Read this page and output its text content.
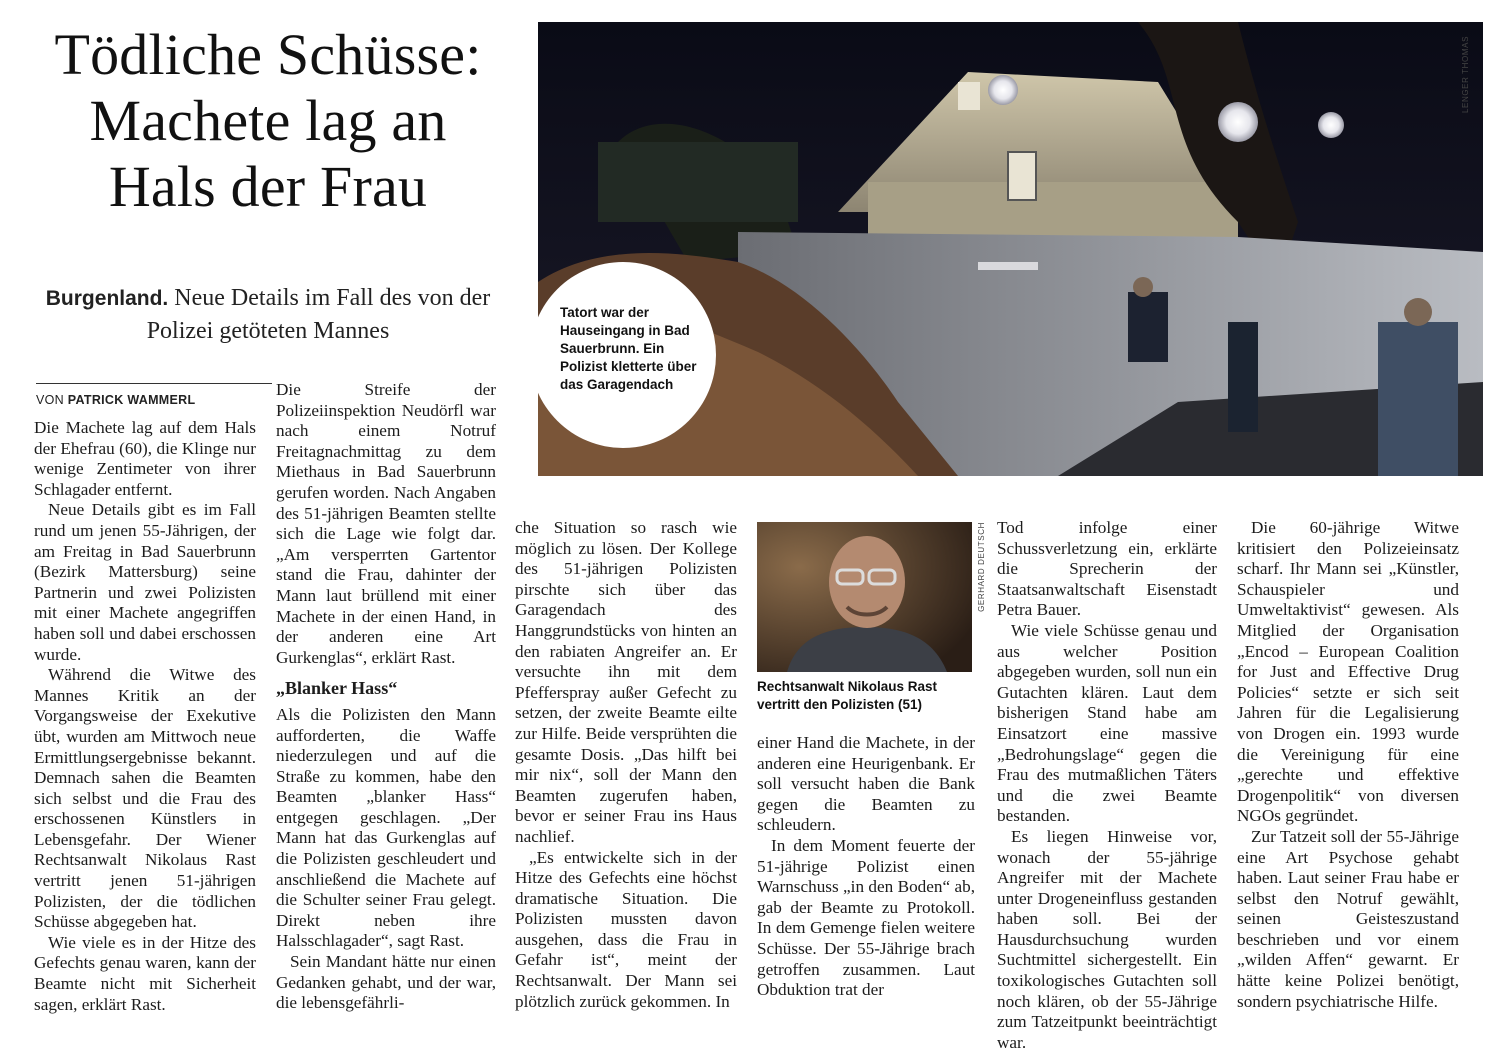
Tödliche Schüsse:
Machete lag an
Hals der Frau
Burgenland. Neue Details im Fall des von der Polizei getöteten Mannes
VON PATRICK WAMMERL
LENGER THOMAS
Tatort war der Hauseingang in Bad Sauerbrunn. Ein Polizist kletterte über das Garagendach

Die Machete lag auf dem Hals der Ehefrau (60), die Klinge nur wenige Zentimeter von ihrer Schlagader entfernt.

Neue Details gibt es im Fall rund um jenen 55-Jährigen, der am Freitag in Bad Sauerbrunn (Bezirk Mattersburg) seine Partnerin und zwei Polizisten mit einer Machete angegriffen haben soll und dabei erschossen wurde.

Während die Witwe des Mannes Kritik an der Vorgangsweise der Exekutive übt, wurden am Mittwoch neue Ermittlungsergebnisse bekannt. Demnach sahen die Beamten sich selbst und die Frau des erschossenen Künstlers in Lebensgefahr. Der Wiener Rechtsanwalt Nikolaus Rast vertritt jenen 51-jährigen Polizisten, der die tödlichen Schüsse abgegeben hat.

Wie viele es in der Hitze des Gefechts genau waren, kann der Beamte nicht mit Sicherheit sagen, erklärt Rast.

Die Streife der Polizeiinspektion Neudörfl war nach einem Notruf Freitagnachmittag zu dem Miethaus in Bad Sauerbrunn gerufen worden. Nach Angaben des 51-jährigen Beamten stellte sich die Lage wie folgt dar. „Am versperrten Gartentor stand die Frau, dahinter der Mann laut brüllend mit einer Machete in der einen Hand, in der anderen eine Art Gurkenglas“, erklärt Rast.

„Blanker Hass“

Als die Polizisten den Mann aufforderten, die Waffe niederzulegen und auf die Straße zu kommen, habe den Beamten „blanker Hass“ entgegen geschlagen. „Der Mann hat das Gurkenglas auf die Polizisten geschleudert und anschließend die Machete auf die Schulter seiner Frau gelegt. Direkt neben ihre Halsschlagader“, sagt Rast.

Sein Mandant hätte nur einen Gedanken gehabt, und der war, die lebensgefährli-

che Situation so rasch wie möglich zu lösen. Der Kollege des 51-jährigen Polizisten pirschte sich über das Garagendach des Hanggrundstücks von hinten an den rabiaten Angreifer an. Er versuchte ihn mit dem Pfefferspray außer Gefecht zu setzen, der zweite Beamte eilte zur Hilfe. Beide versprühten die gesamte Dosis. „Das hilft bei mir nix“, soll der Mann den Beamten zugerufen haben, bevor er seiner Frau ins Haus nachlief.

„Es entwickelte sich in der Hitze des Gefechts eine höchst dramatische Situation. Die Polizisten mussten davon ausgehen, dass die Frau in Gefahr ist“, meint der Rechtsanwalt. Der Mann sei plötzlich zurück gekommen. In

GERHARD DEUTSCH
Rechtsanwalt Nikolaus Rast vertritt den Polizisten (51)

einer Hand die Machete, in der anderen eine Heurigenbank. Er soll versucht haben die Bank gegen die Beamten zu schleudern.

In dem Moment feuerte der 51-jährige Polizist einen Warnschuss „in den Boden“ ab, gab der Beamte zu Protokoll. In dem Gemenge fielen weitere Schüsse. Der 55-Jährige brach getroffen zusammen. Laut Obduktion trat der

Tod infolge einer Schussverletzung ein, erklärte die Sprecherin der Staatsanwaltschaft Eisenstadt Petra Bauer.

Wie viele Schüsse genau und aus welcher Position abgegeben wurden, soll nun ein Gutachten klären. Laut dem bisherigen Stand habe am Einsatzort eine massive „Bedrohungslage“ gegen die Frau des mutmaßlichen Täters und die zwei Beamte bestanden.

Es liegen Hinweise vor, wonach der 55-jährige Angreifer mit der Machete unter Drogeneinfluss gestanden haben soll. Bei der Hausdurchsuchung wurden Suchtmittel sichergestellt. Ein toxikologisches Gutachten soll noch klären, ob der 55-Jährige zum Tatzeitpunkt beeinträchtigt war.

Die 60-jährige Witwe kritisiert den Polizeieinsatz scharf. Ihr Mann sei „Künstler, Schauspieler und Umweltaktivist“ gewesen. Als Mitglied der Organisation „Encod – European Coalition for Just and Effective Drug Policies“ setzte er sich seit Jahren für die Legalisierung von Drogen ein. 1993 wurde die Vereinigung für eine „gerechte und effektive Drogenpolitik“ von diversen NGOs gegründet.

Zur Tatzeit soll der 55-Jährige eine Art Psychose gehabt haben. Laut seiner Frau habe er selbst den Notruf gewählt, seinen Geisteszustand beschrieben und vor einem „wilden Affen“ gewarnt. Er hätte keine Polizei benötigt, sondern psychiatrische Hilfe.
